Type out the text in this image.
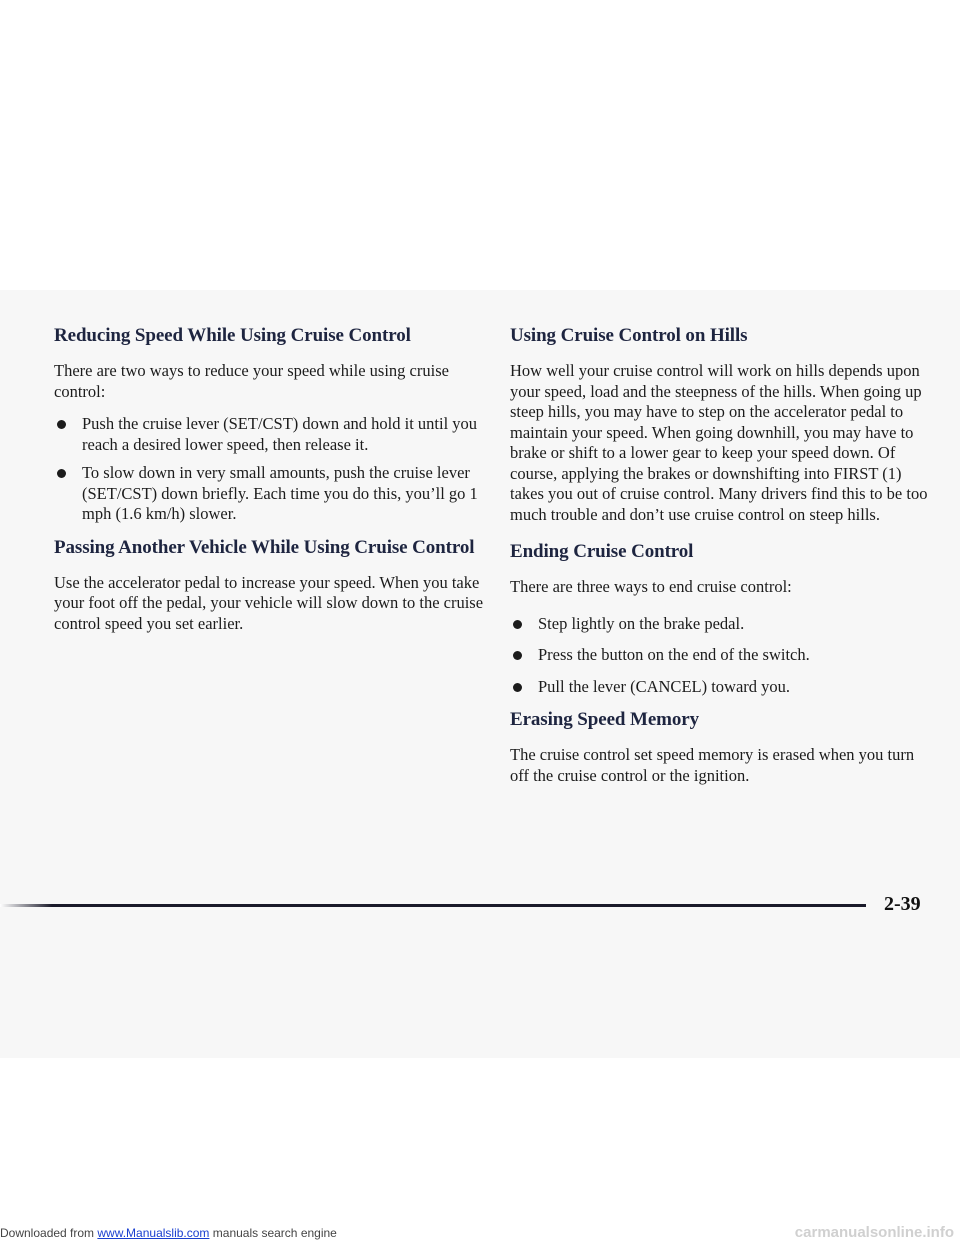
Reducing Speed While Using Cruise Control

There are two ways to reduce your speed while using cruise control:

Push the cruise lever (SET/CST) down and hold it until you reach a desired lower speed, then release it.
To slow down in very small amounts, push the cruise lever (SET/CST) down briefly. Each time you do this, you’ll go 1 mph (1.6 km/h) slower.
Passing Another Vehicle While Using Cruise Control

Use the accelerator pedal to increase your speed. When you take your foot off the pedal, your vehicle will slow down to the cruise control speed you set earlier.

Using Cruise Control on Hills

How well your cruise control will work on hills depends upon your speed, load and the steepness of the hills. When going up steep hills, you may have to step on the accelerator pedal to maintain your speed. When going downhill, you may have to brake or shift to a lower gear to keep your speed down. Of course, applying the brakes or downshifting into FIRST (1) takes you out of cruise control. Many drivers find this to be too much trouble and don’t use cruise control on steep hills.

Ending Cruise Control

There are three ways to end cruise control:

Step lightly on the brake pedal.
Press the button on the end of the switch.
Pull the lever (CANCEL) toward you.
Erasing Speed Memory

The cruise control set speed memory is erased when you turn off the cruise control or the ignition.

2-39
Downloaded from www.Manualslib.com manuals search engine	carmanualsonline.info
